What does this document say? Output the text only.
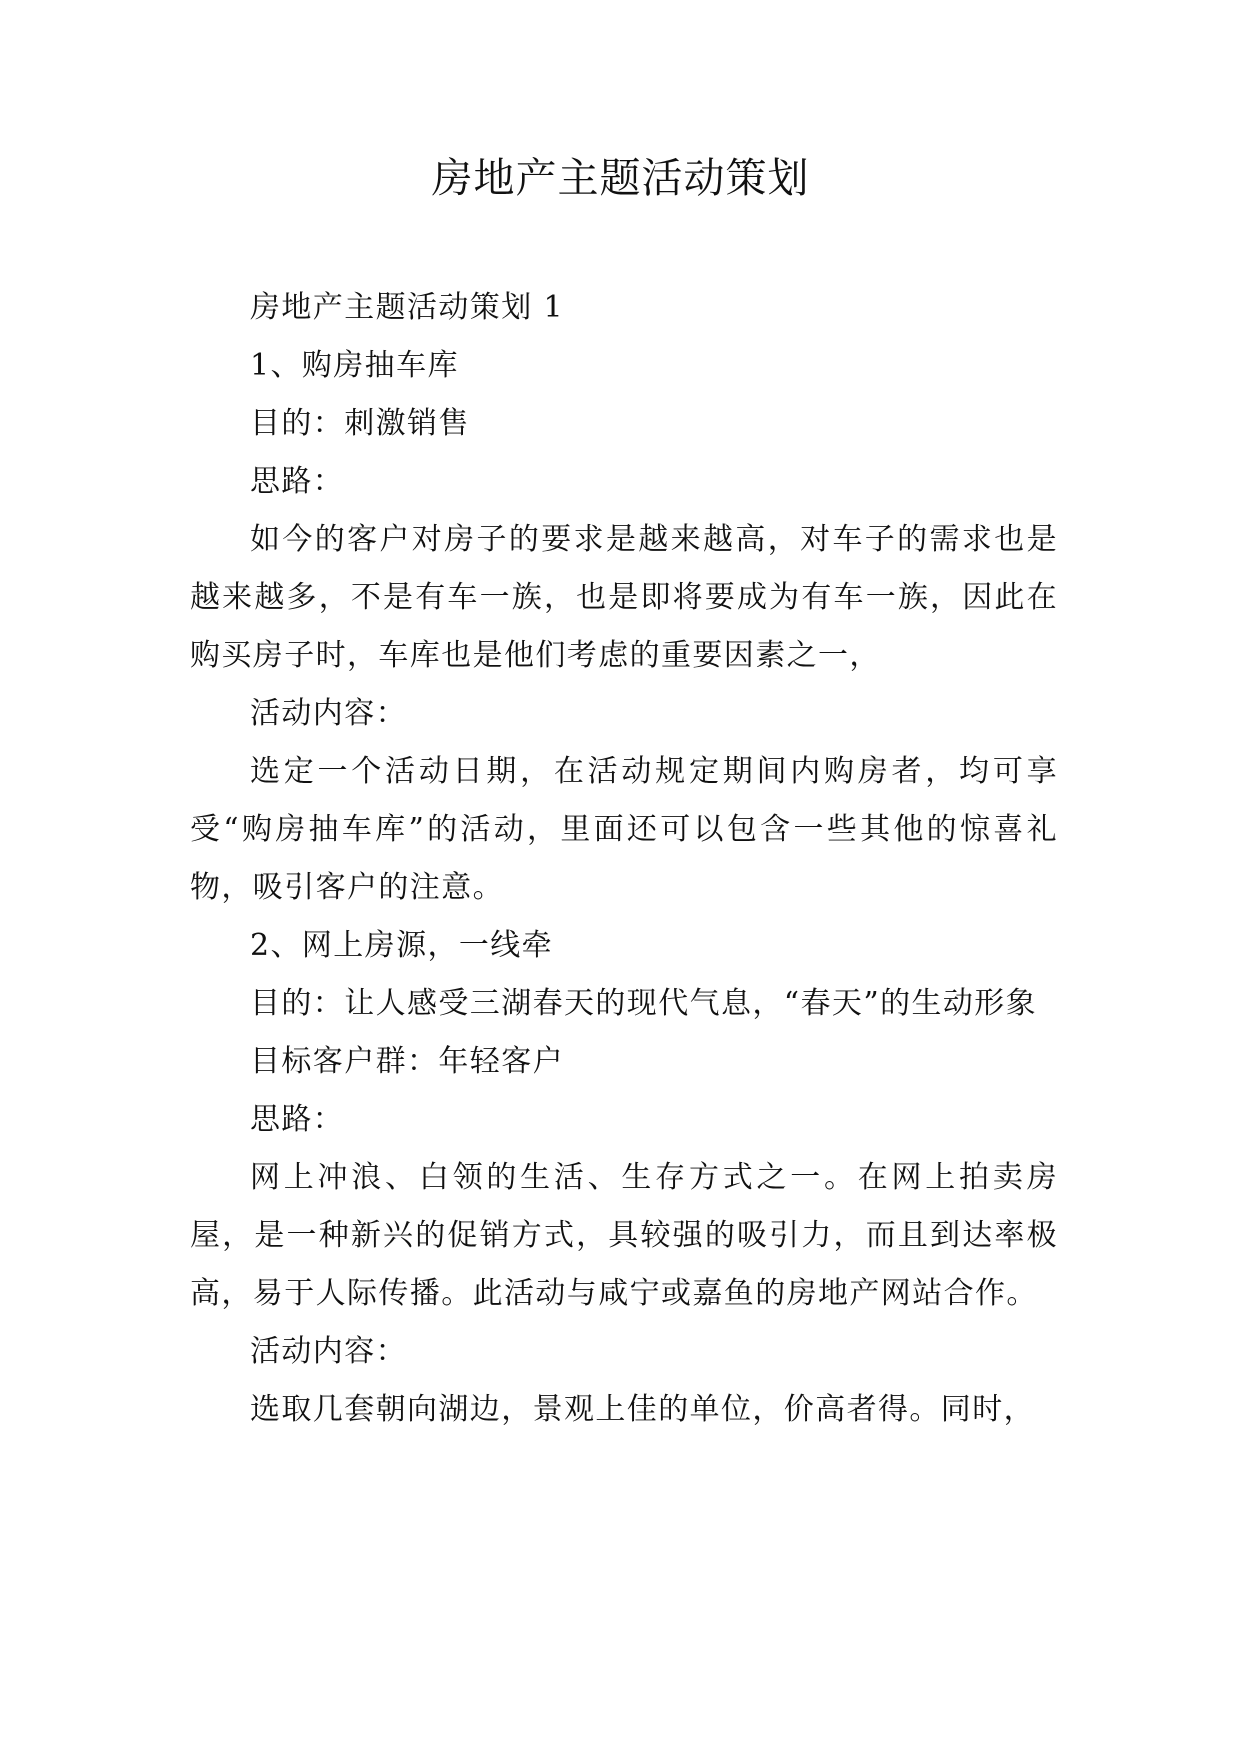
房地产主题活动策划

房地产主题活动策划 1

1、购房抽车库

目的：刺激销售

思路：

如今的客户对房子的要求是越来越高，对车子的需求也是越来越多，不是有车一族，也是即将要成为有车一族，因此在购买房子时，车库也是他们考虑的重要因素之一，

活动内容：

选定一个活动日期，在活动规定期间内购房者，均可享受“购房抽车库”的活动，里面还可以包含一些其他的惊喜礼物，吸引客户的注意。

2、网上房源，一线牵

目的：让人感受三湖春天的现代气息，“春天”的生动形象

目标客户群：年轻客户

思路：

网上冲浪、白领的生活、生存方式之一。在网上拍卖房屋，是一种新兴的促销方式，具较强的吸引力，而且到达率极高，易于人际传播。此活动与咸宁或嘉鱼的房地产网站合作。

活动内容：

选取几套朝向湖边，景观上佳的单位，价高者得。同时，
